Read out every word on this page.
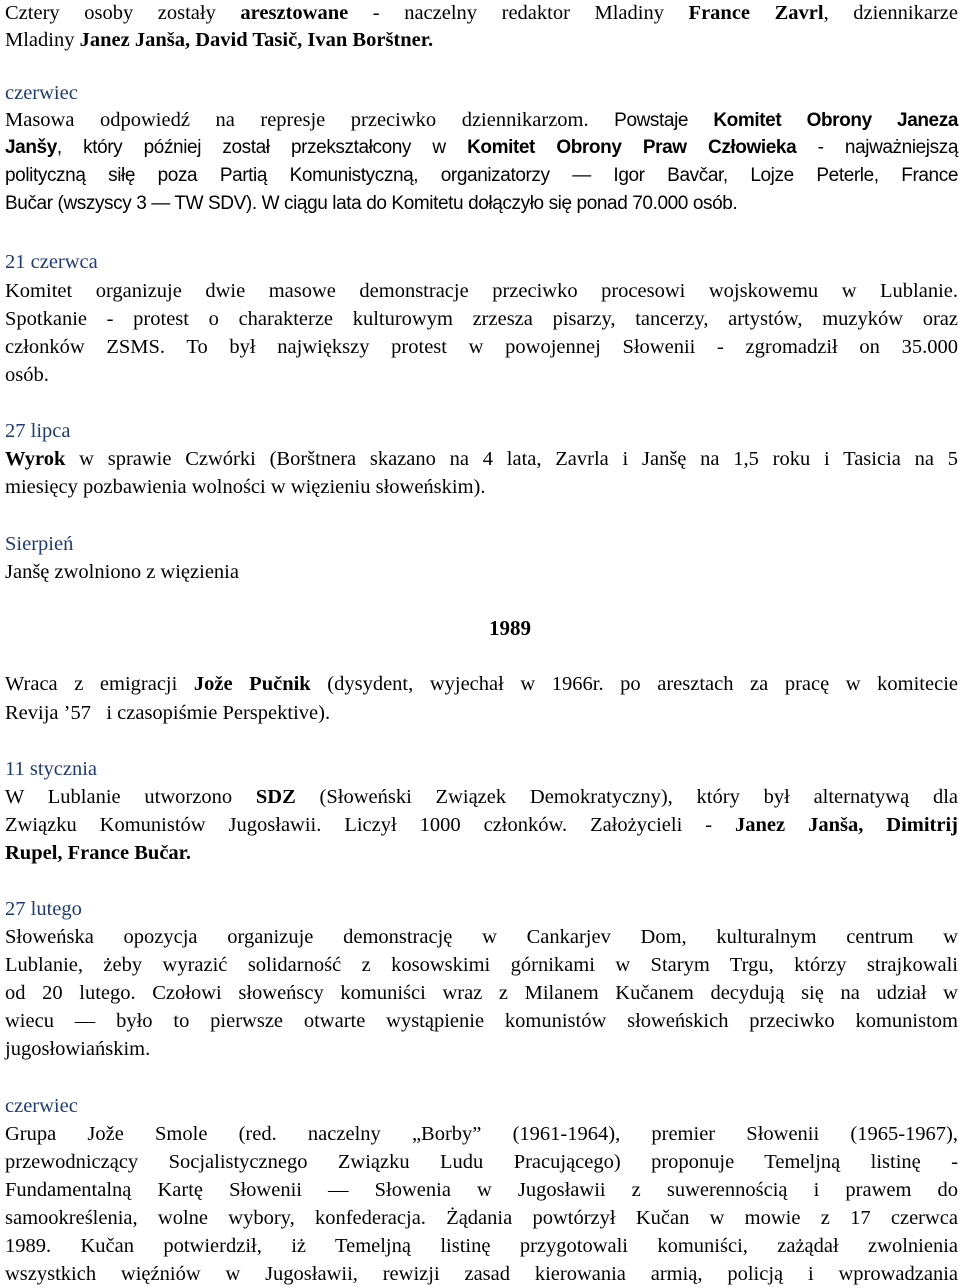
Cztery osoby zostały aresztowane - naczelny redaktor Mladiny France Zavrl, dziennikarze
Mladiny Janez Janša, David Tasič, Ivan Borštner.
czerwiec
Masowa odpowiedź na represje przeciwko dziennikarzom. Powstaje Komitet Obrony Janeza
Janšy, który później został przekształcony w Komitet Obrony Praw Człowieka - najważniejszą
polityczną siłę poza Partią Komunistyczną, organizatorzy ― Igor Bavčar, Lojze Peterle, France
Bučar (wszyscy 3 ― TW SDV). W ciągu lata do Komitetu dołączyło się ponad 70.000 osób.
21 czerwca
Komitet organizuje dwie masowe demonstracje przeciwko procesowi wojskowemu w Lublanie.
Spotkanie - protest o charakterze kulturowym zrzesza pisarzy, tancerzy, artystów, muzyków oraz
członków ZSMS. To był największy protest w powojennej Słowenii - zgromadził on 35.000
osób.
27 lipca
Wyrok w sprawie Czwórki (Borštnera skazano na 4 lata, Zavrla i Janšę na 1,5 roku i Tasicia na 5
miesięcy pozbawienia wolności w więzieniu słoweńskim).
Sierpień
Janšę zwolniono z więzienia
1989
Wraca z emigracji Jože Pučnik (dysydent, wyjechał w 1966r. po aresztach za pracę w komitecie
Revija ’57   i czasopiśmie Perspektive).
11 stycznia
W Lublanie utworzono SDZ (Słoweński Związek Demokratyczny), który był alternatywą dla
Związku Komunistów Jugosławii. Liczył 1000 członków. Założycieli - Janez Janša, Dimitrij
Rupel, France Bučar.
27 lutego
Słoweńska opozycja organizuje demonstrację w Cankarjev Dom, kulturalnym centrum w
Lublanie, żeby wyrazić solidarność z kosowskimi górnikami w Starym Trgu, którzy strajkowali
od 20 lutego. Czołowi słoweńscy komuniści wraz z Milanem Kučanem decydują się na udział w
wiecu ― było to pierwsze otwarte wystąpienie komunistów słoweńskich przeciwko komunistom
jugosłowiańskim.
czerwiec
Grupa Jože Smole (red. naczelny „Borby” (1961-1964), premier Słowenii (1965-1967),
przewodniczący Socjalistycznego Związku Ludu Pracującego) proponuje Temeljną listinę -
Fundamentalną Kartę Słowenii ― Słowenia w Jugosławii z suwerennością i prawem do
samookreślenia, wolne wybory, konfederacja. Żądania powtórzył Kučan w mowie z 17 czerwca
1989. Kučan potwierdził, iż Temeljną listinę przygotowali komuniści, zażądał zwolnienia
wszystkich więźniów w Jugosławii, rewizji zasad kierowania armią, policją i wprowadzania
